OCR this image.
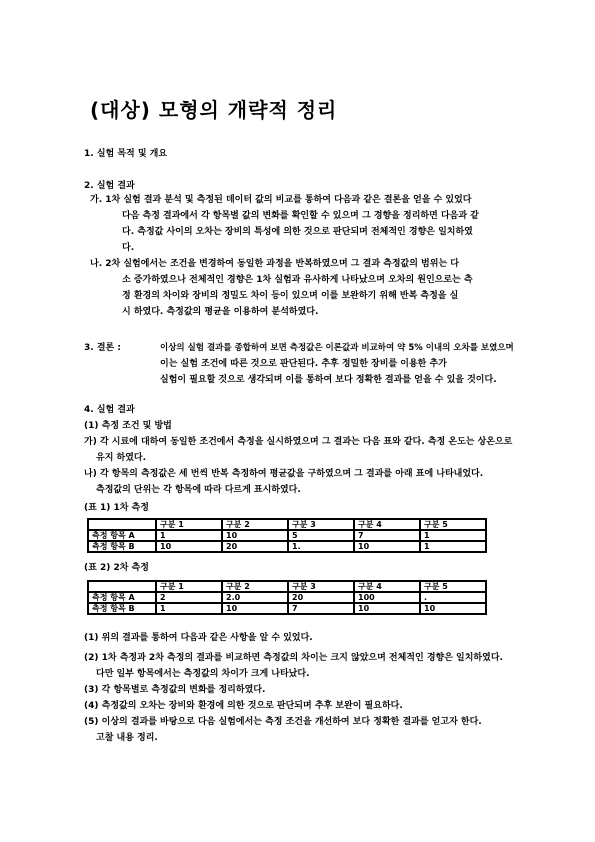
(대상) 모형의 개략적 정리
1. 실험 목적 및 개요
2. 실험 결과
가. 1차 실험 결과 분석 및 측정된 데이터 값의 비교를 통하여 다음과 같은 결론을 얻을 수 있었다
다음 측정 결과에서 각 항목별 값의 변화를 확인할 수 있으며 그 경향을 정리하면 다음과 같
다. 측정값 사이의 오차는 장비의 특성에 의한 것으로 판단되며 전체적인 경향은 일치하였
다.
나. 2차 실험에서는 조건을 변경하여 동일한 과정을 반복하였으며 그 결과 측정값의 범위는 다
소 증가하였으나 전체적인 경향은 1차 실험과 유사하게 나타났으며 오차의 원인으로는 측
정 환경의 차이와 장비의 정밀도 차이 등이 있으며 이를 보완하기 위해 반복 측정을 실
시 하였다. 측정값의 평균을 이용하여 분석하였다.
3. 결론 :	이상의 실험 결과를 종합하여 보면 측정값은 이론값과 비교하여 약 5% 이내의 오차를 보였으며
이는 실험 조건에 따른 것으로 판단된다. 추후 정밀한 장비를 이용한 추가
실험이 필요할 것으로 생각되며 이를 통하여 보다 정확한 결과를 얻을 수 있을 것이다.
4. 실험 결과
(1) 측정 조건 및 방법
가) 각 시료에 대하여 동일한 조건에서 측정을 실시하였으며 그 결과는 다음 표와 같다. 측정 온도는 상온으로
유지 하였다.
나) 각 항목의 측정값은 세 번씩 반복 측정하여 평균값을 구하였으며 그 결과를 아래 표에 나타내었다.
측정값의 단위는 각 항목에 따라 다르게 표시하였다.
(표 1) 1차 측정
	구분 1	구분 2	구분 3	구분 4	구분 5
측정 항목 A	1	10	5	7	1
측정 항목 B	10	20	1.	10	1
(표 2) 2차 측정
	구분 1	구분 2	구분 3	구분 4	구분 5
측정 항목 A	2	2.0	20	100	.
측정 항목 B	1	10	7	10	10
(1) 위의 결과를 통하여 다음과 같은 사항을 알 수 있었다.
(2) 1차 측정과 2차 측정의 결과를 비교하면 측정값의 차이는 크지 않았으며 전체적인 경향은 일치하였다.
다만 일부 항목에서는 측정값의 차이가 크게 나타났다.
(3) 각 항목별로 측정값의 변화를 정리하였다.
(4) 측정값의 오차는 장비와 환경에 의한 것으로 판단되며 추후 보완이 필요하다.
(5) 이상의 결과를 바탕으로 다음 실험에서는 측정 조건을 개선하여 보다 정확한 결과를 얻고자 한다.
고찰 내용 정리.
